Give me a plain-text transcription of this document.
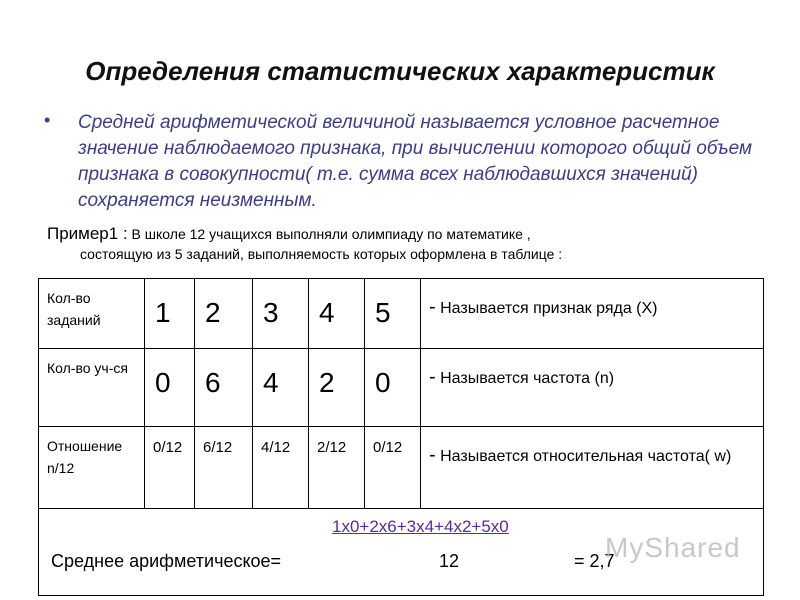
Определения статистических характеристик
• Средней арифметической величиной называется условное расчетное значение наблюдаемого признака, при вычислении которого общий объем признака в совокупности( т.е. сумма всех наблюдавшихся значений) сохраняется неизменным.
Пример1 : В школе 12 учащихся выполняли олимпиаду по математике ,
состоящую из 5 заданий, выполняемость которых оформлена в таблице :
Кол-во заданий	1	2	3	4	5	- Называется признак ряда (X)
Кол-во уч-ся	0	6	4	2	0	- Называется частота (n)
Отношение n/12	0/12	6/12	4/12	2/12	0/12	- Называется относительная частота( w)

1x0+2x6+3x4+4x2+5x0
Среднее арифметическое= 12 = 2,7						
MyShared
